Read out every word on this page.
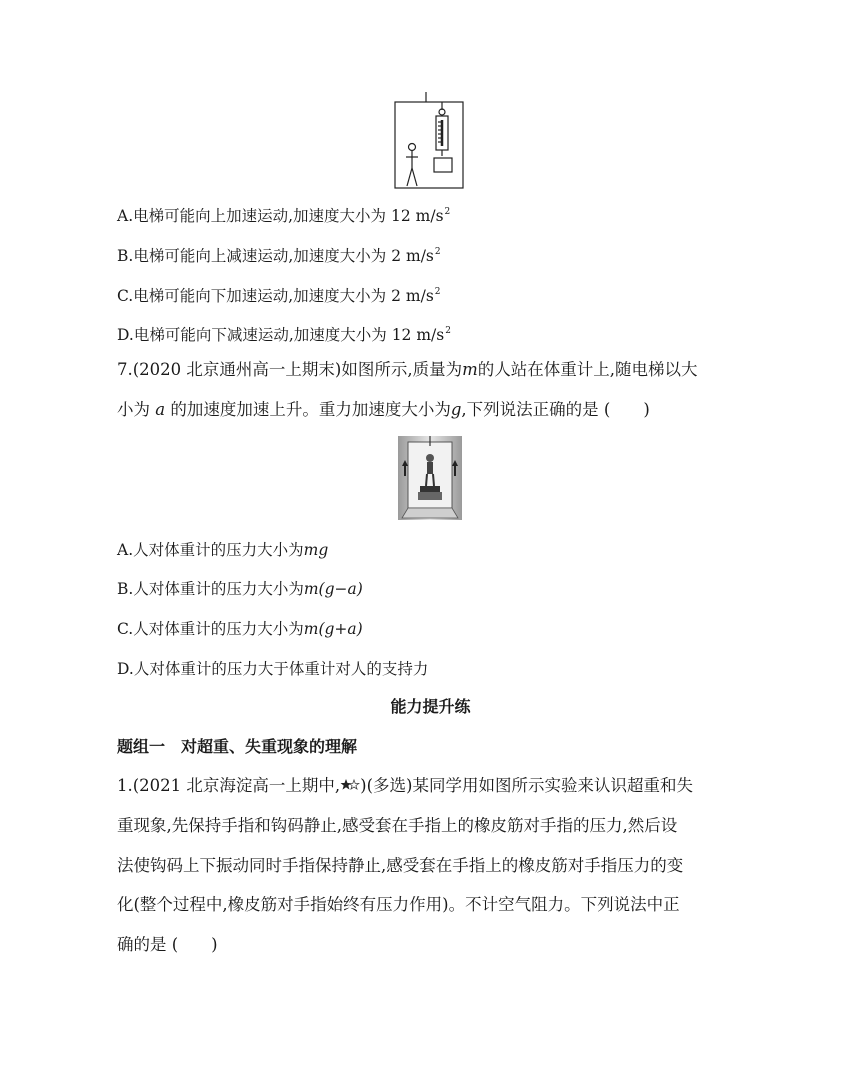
A.电梯可能向上加速运动,加速度大小为 12 $m/s^2$
B.电梯可能向上减速运动,加速度大小为 2 $m/s^2$
C.电梯可能向下加速运动,加速度大小为 2 $m/s^2$
D.电梯可能向下减速运动,加速度大小为 12 $m/s^2$
7.(2020 北京通州高一上期末)如图所示,质量为m的人站在体重计上,随电梯以大
小为 a 的加速度加速上升。重力加速度大小为g,下列说法正确的是 (　　)
A.人对体重计的压力大小为mg
B.人对体重计的压力大小为m(g−a)
C.人对体重计的压力大小为m(g+a)
D.人对体重计的压力大于体重计对人的支持力
能力提升练
题组一　对超重、失重现象的理解
1.(2021 北京海淀高一上期中, )(多选)某同学用如图所示实验来认识超重和失
重现象,先保持手指和钩码静止,感受套在手指上的橡皮筋对手指的压力,然后设
法使钩码上下振动同时手指保持静止,感受套在手指上的橡皮筋对手指压力的变
化(整个过程中,橡皮筋对手指始终有压力作用)。不计空气阻力。下列说法中正
确的是 (　　)
